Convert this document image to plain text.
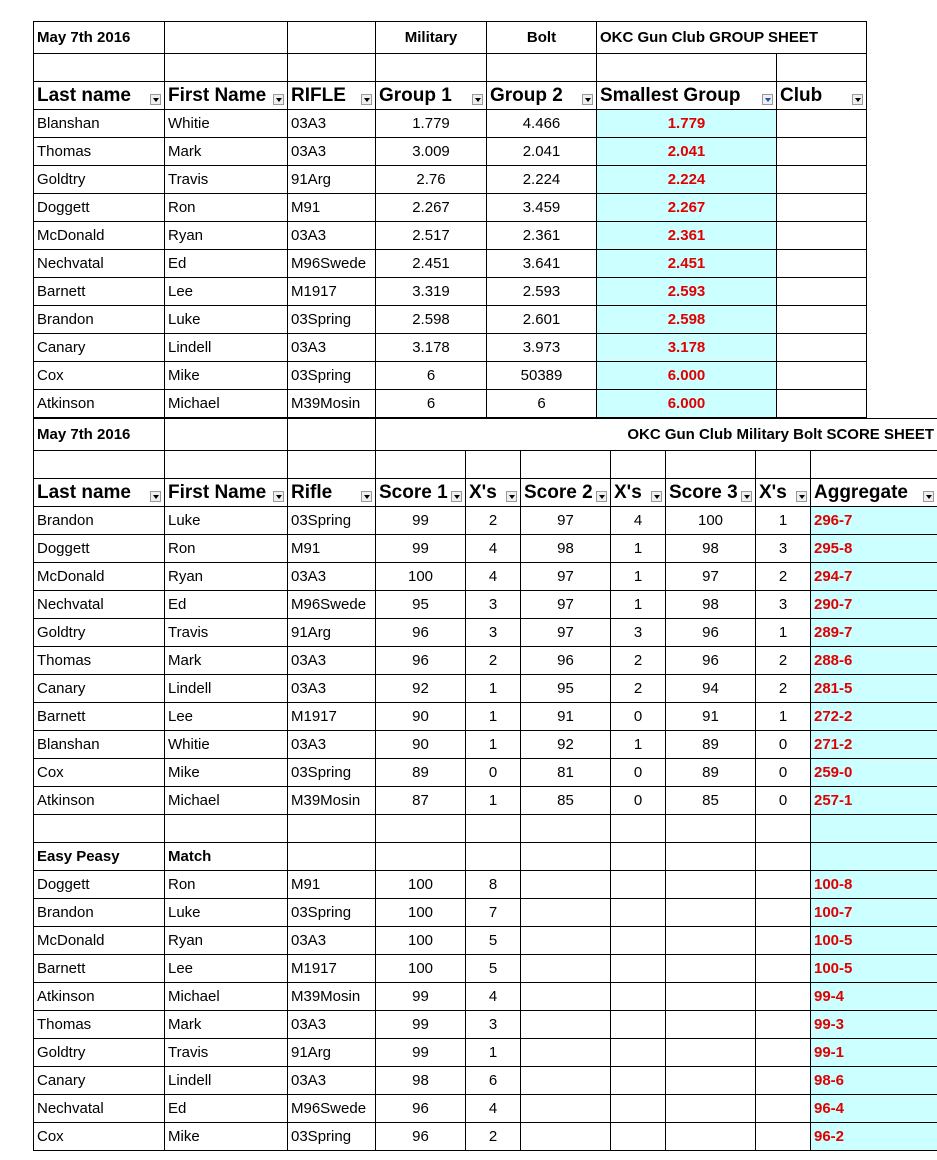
May 7th 2016			Military	Bolt	OKC Gun Club GROUP SHEET	

Last name	First Name	RIFLE	Group 1	Group 2	Smallest Group	Club

Blanshan	Whitie	03A3	1.779	4.466	1.779	
Thomas	Mark	03A3	3.009	2.041	2.041	
Goldtry	Travis	91Arg	2.76	2.224	2.224	
Doggett	Ron	M91	2.267	3.459	2.267	
McDonald	Ryan	03A3	2.517	2.361	2.361	
Nechvatal	Ed	M96Swede	2.451	3.641	2.451	
Barnett	Lee	M1917	3.319	2.593	2.593	
Brandon	Luke	03Spring	2.598	2.601	2.598	
Canary	Lindell	03A3	3.178	3.973	3.178	
Cox	Mike	03Spring	6	50389	6.000	
Atkinson	Michael	M39Mosin	6	6	6.000	
May 7th 2016			OKC Gun Club Military Bolt SCORE SHEET						

Last name	First Name	Rifle	Score 1	X's	Score 2	X's	Score 3	X's	Aggregate

Brandon	Luke	03Spring	99	2	97	4	100	1	296-7
Doggett	Ron	M91	99	4	98	1	98	3	295-8
McDonald	Ryan	03A3	100	4	97	1	97	2	294-7
Nechvatal	Ed	M96Swede	95	3	97	1	98	3	290-7
Goldtry	Travis	91Arg	96	3	97	3	96	1	289-7
Thomas	Mark	03A3	96	2	96	2	96	2	288-6
Canary	Lindell	03A3	92	1	95	2	94	2	281-5
Barnett	Lee	M1917	90	1	91	0	91	1	272-2
Blanshan	Whitie	03A3	90	1	92	1	89	0	271-2
Cox	Mike	03Spring	89	0	81	0	89	0	259-0
Atkinson	Michael	M39Mosin	87	1	85	0	85	0	257-1

Easy Peasy	Match								
Doggett	Ron	M91	100	8					100-8
Brandon	Luke	03Spring	100	7					100-7
McDonald	Ryan	03A3	100	5					100-5
Barnett	Lee	M1917	100	5					100-5
Atkinson	Michael	M39Mosin	99	4					99-4
Thomas	Mark	03A3	99	3					99-3
Goldtry	Travis	91Arg	99	1					99-1
Canary	Lindell	03A3	98	6					98-6
Nechvatal	Ed	M96Swede	96	4					96-4
Cox	Mike	03Spring	96	2					96-2
